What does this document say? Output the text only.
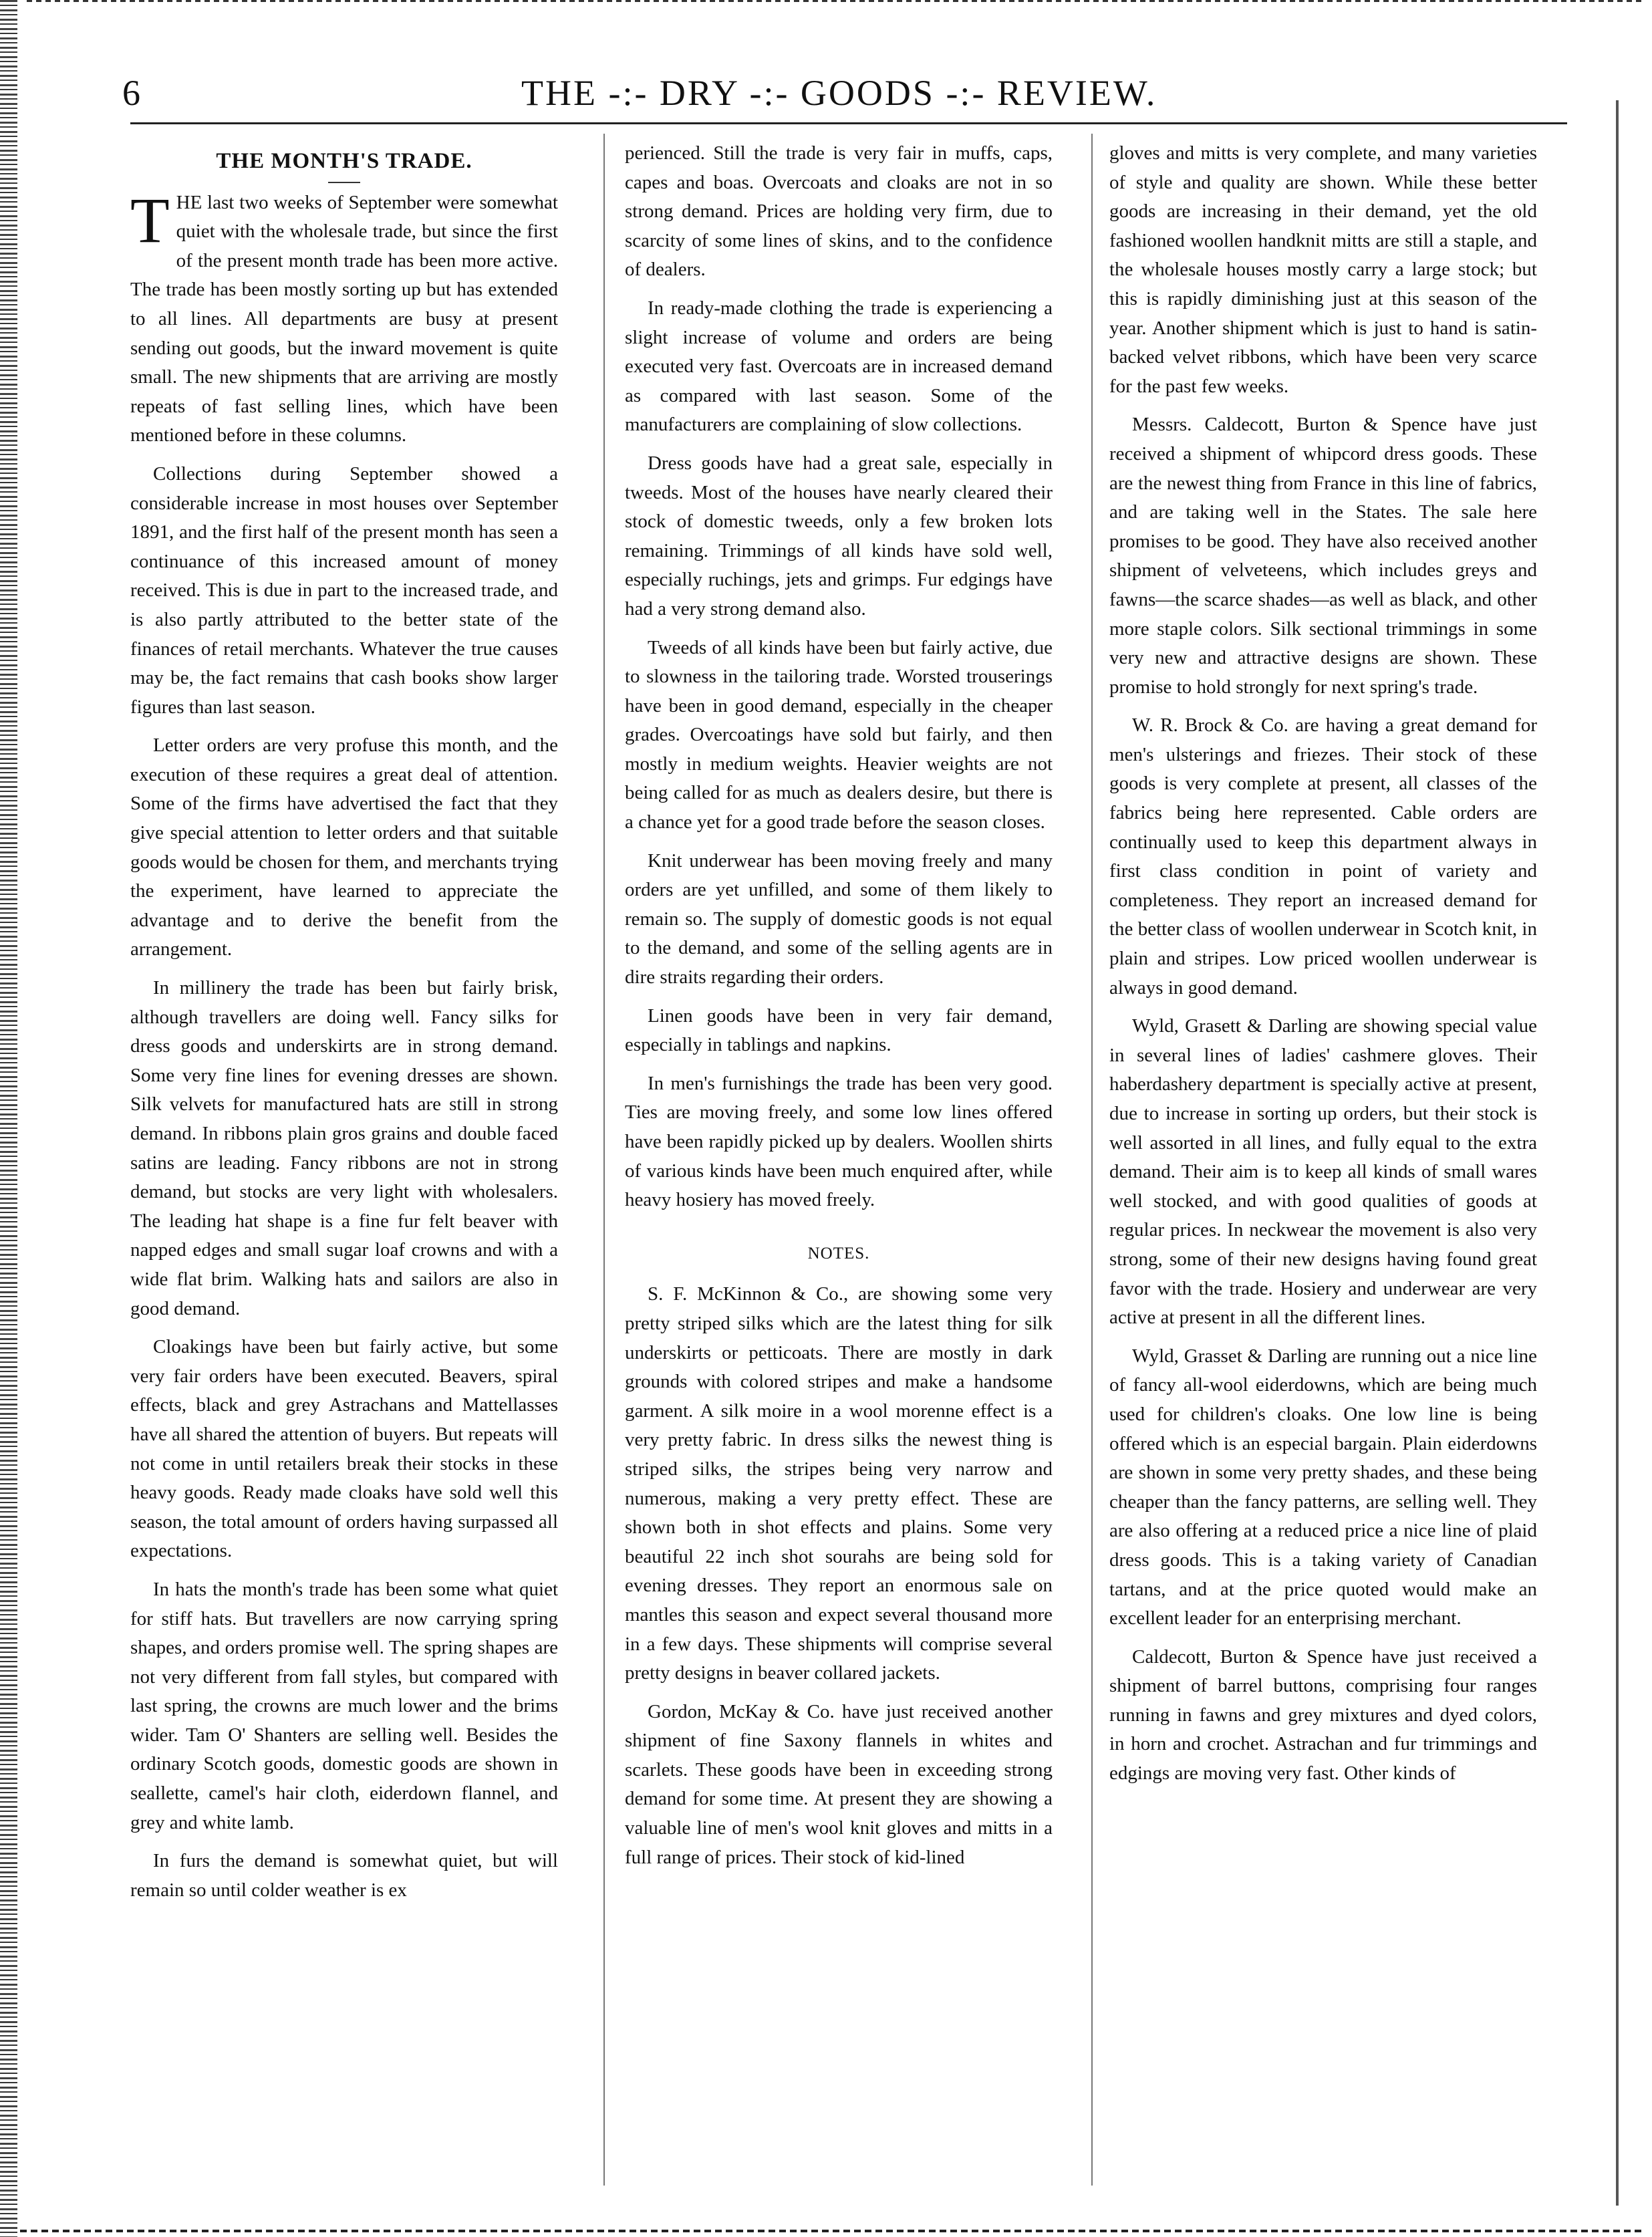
6	THE -:- DRY -:- GOODS -:- REVIEW.
THE MONTH'S TRADE.

THE last two weeks of September were somewhat quiet with the wholesale trade, but since the first of the present month trade has been more active. The trade has been mostly sorting up but has extended to all lines. All departments are busy at present sending out goods, but the inward movement is quite small. The new shipments that are arriving are mostly repeats of fast selling lines, which have been mentioned before in these columns.

Collections during September showed a considerable increase in most houses over September 1891, and the first half of the present month has seen a continuance of this increased amount of money received. This is due in part to the increased trade, and is also partly attributed to the better state of the finances of retail merchants. Whatever the true causes may be, the fact remains that cash books show larger figures than last season.

Letter orders are very profuse this month, and the execution of these requires a great deal of attention. Some of the firms have advertised the fact that they give special attention to letter orders and that suitable goods would be chosen for them, and merchants trying the experiment, have learned to appreciate the advantage and to derive the benefit from the arrangement.

In millinery the trade has been but fairly brisk, although travellers are doing well. Fancy silks for dress goods and underskirts are in strong demand. Some very fine lines for evening dresses are shown. Silk velvets for manufactured hats are still in strong demand. In ribbons plain gros grains and double faced satins are leading. Fancy ribbons are not in strong demand, but stocks are very light with wholesalers. The leading hat shape is a fine fur felt beaver with napped edges and small sugar loaf crowns and with a wide flat brim. Walking hats and sailors are also in good demand.

Cloakings have been but fairly active, but some very fair orders have been executed. Beavers, spiral effects, black and grey Astrachans and Mattellasses have all shared the attention of buyers. But repeats will not come in until retailers break their stocks in these heavy goods. Ready made cloaks have sold well this season, the total amount of orders having surpassed all expectations.

In hats the month's trade has been some what quiet for stiff hats. But travellers are now carrying spring shapes, and orders promise well. The spring shapes are not very different from fall styles, but compared with last spring, the crowns are much lower and the brims wider. Tam O' Shanters are selling well. Besides the ordinary Scotch goods, domestic goods are shown in seallette, camel's hair cloth, eiderdown flannel, and grey and white lamb.

In furs the demand is somewhat quiet, but will remain so until colder weather is ex

perienced. Still the trade is very fair in muffs, caps, capes and boas. Overcoats and cloaks are not in so strong demand. Prices are holding very firm, due to scarcity of some lines of skins, and to the confidence of dealers.

In ready-made clothing the trade is experiencing a slight increase of volume and orders are being executed very fast. Overcoats are in increased demand as compared with last season. Some of the manufacturers are complaining of slow collections.

Dress goods have had a great sale, especially in tweeds. Most of the houses have nearly cleared their stock of domestic tweeds, only a few broken lots remaining. Trimmings of all kinds have sold well, especially ruchings, jets and grimps. Fur edgings have had a very strong demand also.

Tweeds of all kinds have been but fairly active, due to slowness in the tailoring trade. Worsted trouserings have been in good demand, especially in the cheaper grades. Overcoatings have sold but fairly, and then mostly in medium weights. Heavier weights are not being called for as much as dealers desire, but there is a chance yet for a good trade before the season closes.

Knit underwear has been moving freely and many orders are yet unfilled, and some of them likely to remain so. The supply of domestic goods is not equal to the demand, and some of the selling agents are in dire straits regarding their orders.

Linen goods have been in very fair demand, especially in tablings and napkins.

In men's furnishings the trade has been very good. Ties are moving freely, and some low lines offered have been rapidly picked up by dealers. Woollen shirts of various kinds have been much enquired after, while heavy hosiery has moved freely.

NOTES.

S. F. McKinnon & Co., are showing some very pretty striped silks which are the latest thing for silk underskirts or petticoats. There are mostly in dark grounds with colored stripes and make a handsome garment. A silk moire in a wool morenne effect is a very pretty fabric. In dress silks the newest thing is striped silks, the stripes being very narrow and numerous, making a very pretty effect. These are shown both in shot effects and plains. Some very beautiful 22 inch shot sourahs are being sold for evening dresses. They report an enormous sale on mantles this season and expect several thousand more in a few days. These shipments will comprise several pretty designs in beaver collared jackets.

Gordon, McKay & Co. have just received another shipment of fine Saxony flannels in whites and scarlets. These goods have been in exceeding strong demand for some time. At present they are showing a valuable line of men's wool knit gloves and mitts in a full range of prices. Their stock of kid-lined

gloves and mitts is very complete, and many varieties of style and quality are shown. While these better goods are increasing in their demand, yet the old fashioned woollen handknit mitts are still a staple, and the wholesale houses mostly carry a large stock; but this is rapidly diminishing just at this season of the year. Another shipment which is just to hand is satin-backed velvet ribbons, which have been very scarce for the past few weeks.

Messrs. Caldecott, Burton & Spence have just received a shipment of whipcord dress goods. These are the newest thing from France in this line of fabrics, and are taking well in the States. The sale here promises to be good. They have also received another shipment of velveteens, which includes greys and fawns—the scarce shades—as well as black, and other more staple colors. Silk sectional trimmings in some very new and attractive designs are shown. These promise to hold strongly for next spring's trade.

W. R. Brock & Co. are having a great demand for men's ulsterings and friezes. Their stock of these goods is very complete at present, all classes of the fabrics being here represented. Cable orders are continually used to keep this department always in first class condition in point of variety and completeness. They report an increased demand for the better class of woollen underwear in Scotch knit, in plain and stripes. Low priced woollen underwear is always in good demand.

Wyld, Grasett & Darling are showing special value in several lines of ladies' cashmere gloves. Their haberdashery department is specially active at present, due to increase in sorting up orders, but their stock is well assorted in all lines, and fully equal to the extra demand. Their aim is to keep all kinds of small wares well stocked, and with good qualities of goods at regular prices. In neckwear the movement is also very strong, some of their new designs having found great favor with the trade. Hosiery and underwear are very active at present in all the different lines.

Wyld, Grasset & Darling are running out a nice line of fancy all-wool eiderdowns, which are being much used for children's cloaks. One low line is being offered which is an especial bargain. Plain eiderdowns are shown in some very pretty shades, and these being cheaper than the fancy patterns, are selling well. They are also offering at a reduced price a nice line of plaid dress goods. This is a taking variety of Canadian tartans, and at the price quoted would make an excellent leader for an enterprising merchant.

Caldecott, Burton & Spence have just received a shipment of barrel buttons, comprising four ranges running in fawns and grey mixtures and dyed colors, in horn and crochet. Astrachan and fur trimmings and edgings are moving very fast. Other kinds of
